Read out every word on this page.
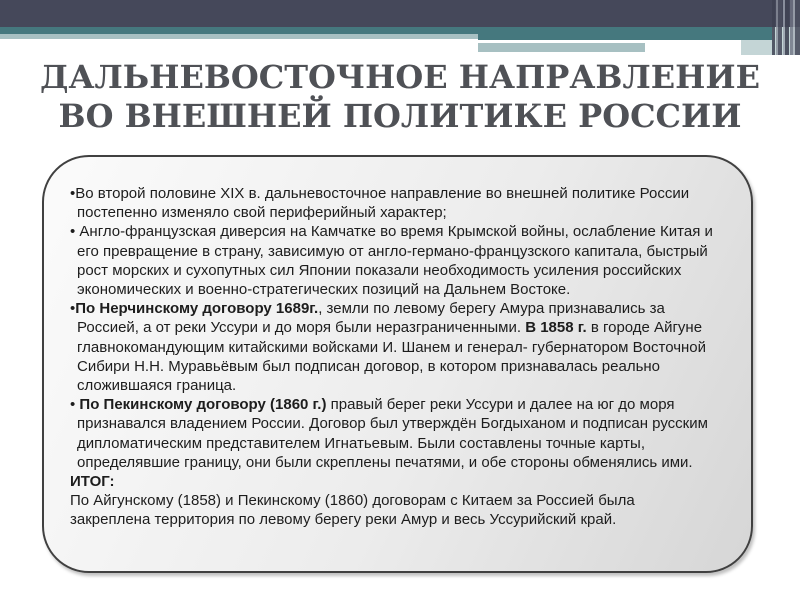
ДАЛЬНЕВОСТОЧНОЕ НАПРАВЛЕНИЕ
ВО ВНЕШНЕЙ ПОЛИТИКЕ РОССИИ
•Во второй половине XIX в. дальневосточное направление во внешней политике России постепенно изменяло свой периферийный характер;
• Англо-французская диверсия на Камчатке во время Крымской войны, ослабление Китая и его превращение в страну, зависимую от англо-германо-французского капитала, быстрый рост морских и сухопутных сил Японии показали необходимость усиления российских экономических и военно-стратегических позиций на Дальнем Востоке.
•По Нерчинскому договору 1689г., земли по левому берегу Амура признавались за Россией, а от реки Уссури и до моря были неразграниченными. В 1858 г. в городе Айгуне главнокомандующим китайскими войсками И. Шанем и генерал- губернатором Восточной Сибири Н.Н. Муравьёвым был подписан договор, в котором признавалась реально сложившаяся граница.
• По Пекинскому договору (1860 г.) правый берег реки Уссури и далее на юг до моря признавался владением России. Договор был утверждён Богдыханом и подписан русским дипломатическим представителем Игнатьевым. Были составлены точные карты, определявшие границу, они были скреплены печатями, и обе стороны обменялись ими.
ИТОГ:
По Айгунскому (1858) и Пекинскому (1860) договорам с Китаем за Россией была закреплена территория по левому берегу реки Амур и весь Уссурийский край.
